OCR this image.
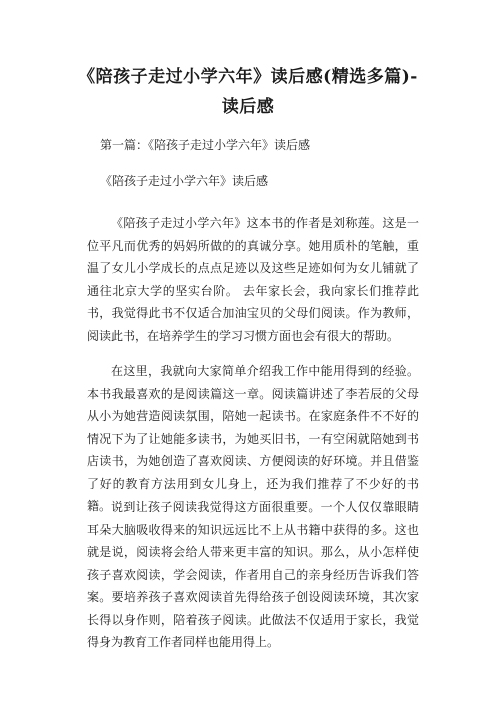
《陪孩子走过小学六年》读后感(精选多篇)-
读后感
第一篇：《陪孩子走过小学六年》读后感
《陪孩子走过小学六年》读后感

《陪孩子走过小学六年》这本书的作者是刘称莲。这是一位平凡而优秀的妈妈所做的的真诚分享。她用质朴的笔触，重温了女儿小学成长的点点足迹以及这些足迹如何为女儿铺就了通往北京大学的坚实台阶。 去年家长会，我向家长们推荐此书，我觉得此书不仅适合加油宝贝的父母们阅读。作为教师，阅读此书，在培养学生的学习习惯方面也会有很大的帮助。

在这里，我就向大家简单介绍我工作中能用得到的经验。本书我最喜欢的是阅读篇这一章。阅读篇讲述了李若辰的父母从小为她营造阅读氛围，陪她一起读书。在家庭条件不不好的情况下为了让她能多读书，为她买旧书，一有空闲就陪她到书店读书，为她创造了喜欢阅读、方便阅读的好环境。并且借鉴了好的教育方法用到女儿身上，还为我们推荐了不少好的书籍。 说到让孩子阅读我觉得这方面很重要。一个人仅仅靠眼睛耳朵大脑吸收得来的知识远远比不上从书籍中获得的多。这也就是说，阅读将会给人带来更丰富的知识。那么，从小怎样使孩子喜欢阅读，学会阅读，作者用自己的亲身经历告诉我们答案。要培养孩子喜欢阅读首先得给孩子创设阅读环境，其次家长得以身作则，陪着孩子阅读。此做法不仅适用于家长，我觉得身为教育工作者同样也能用得上。
